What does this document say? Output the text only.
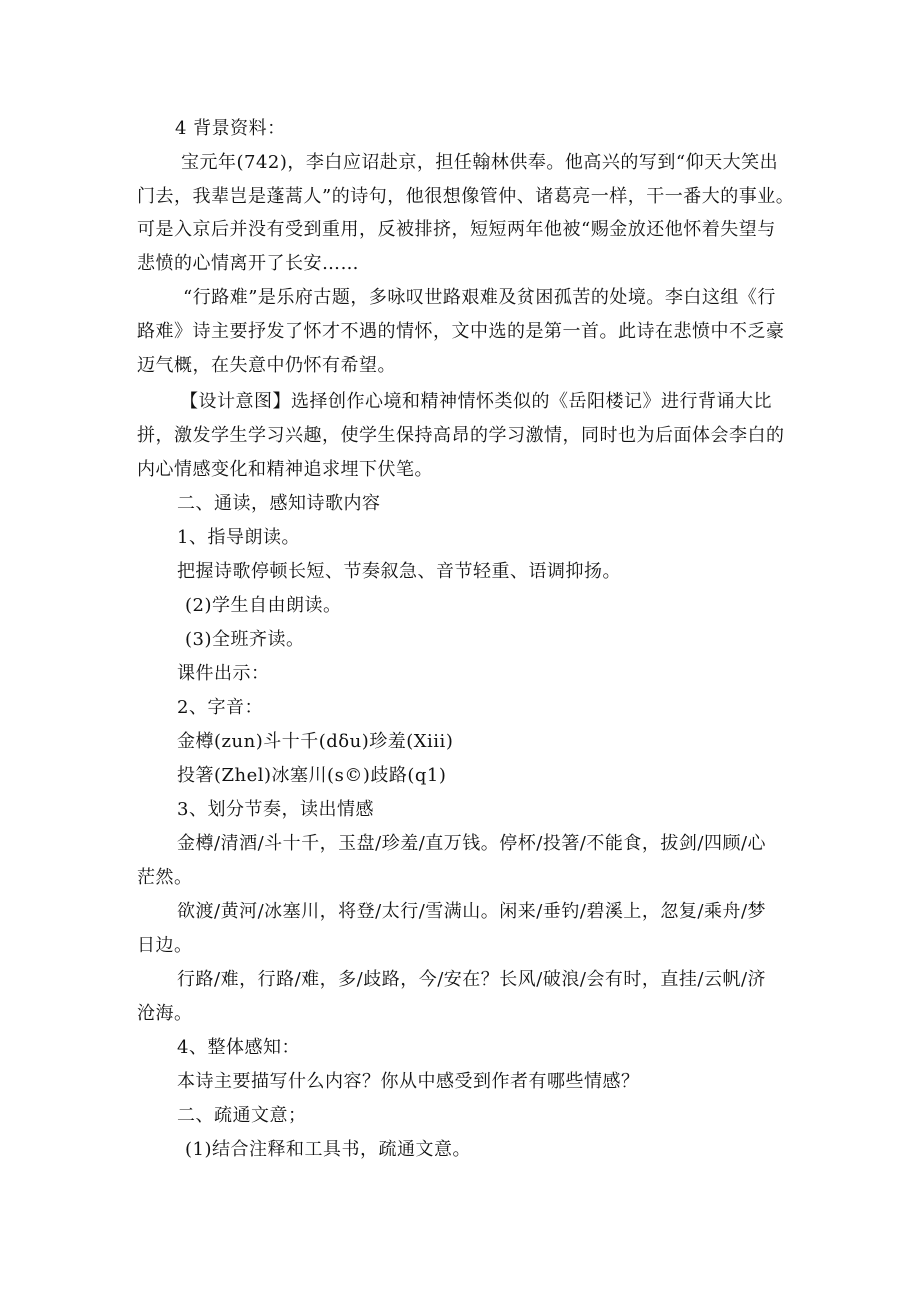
4 背景资料：
宝元年(742)，李白应诏赴京，担任翰林供奉。他高兴的写到“仰天大笑出
门去，我辈岂是蓬蒿人”的诗句，他很想像管仲、诸葛亮一样，干一番大的事业。
可是入京后并没有受到重用，反被排挤，短短两年他被“赐金放还他怀着失望与
悲愤的心情离开了长安……
“行路难”是乐府古题，多咏叹世路艰难及贫困孤苦的处境。李白这组《行
路难》诗主要抒发了怀才不遇的情怀，文中选的是第一首。此诗在悲愤中不乏豪
迈气概，在失意中仍怀有希望。
【设计意图】选择创作心境和精神情怀类似的《岳阳楼记》进行背诵大比
拼，激发学生学习兴趣，使学生保持高昂的学习激情，同时也为后面体会李白的
内心情感变化和精神追求埋下伏笔。
二、通读，感知诗歌内容
1、指导朗读。
把握诗歌停顿长短、节奏叙急、音节轻重、语调抑扬。
(2)学生自由朗读。
(3)全班齐读。
课件出示：
2、字音：
金樽(zun)斗十千(dδu)珍羞(Xiii)
投箸(Zhel)冰塞川(s©)歧路(q1)
3、划分节奏，读出情感
金樽/清酒/斗十千，玉盘/珍羞/直万钱。停杯/投箸/不能食，拔剑/四顾/心
茫然。
欲渡/黄河/冰塞川，将登/太行/雪满山。闲来/垂钓/碧溪上，忽复/乘舟/梦
日边。
行路/难，行路/难，多/歧路，今/安在？长风/破浪/会有时，直挂/云帆/济
沧海。
4、整体感知：
本诗主要描写什么内容？你从中感受到作者有哪些情感？
二、疏通文意；
(1)结合注释和工具书，疏通文意。
